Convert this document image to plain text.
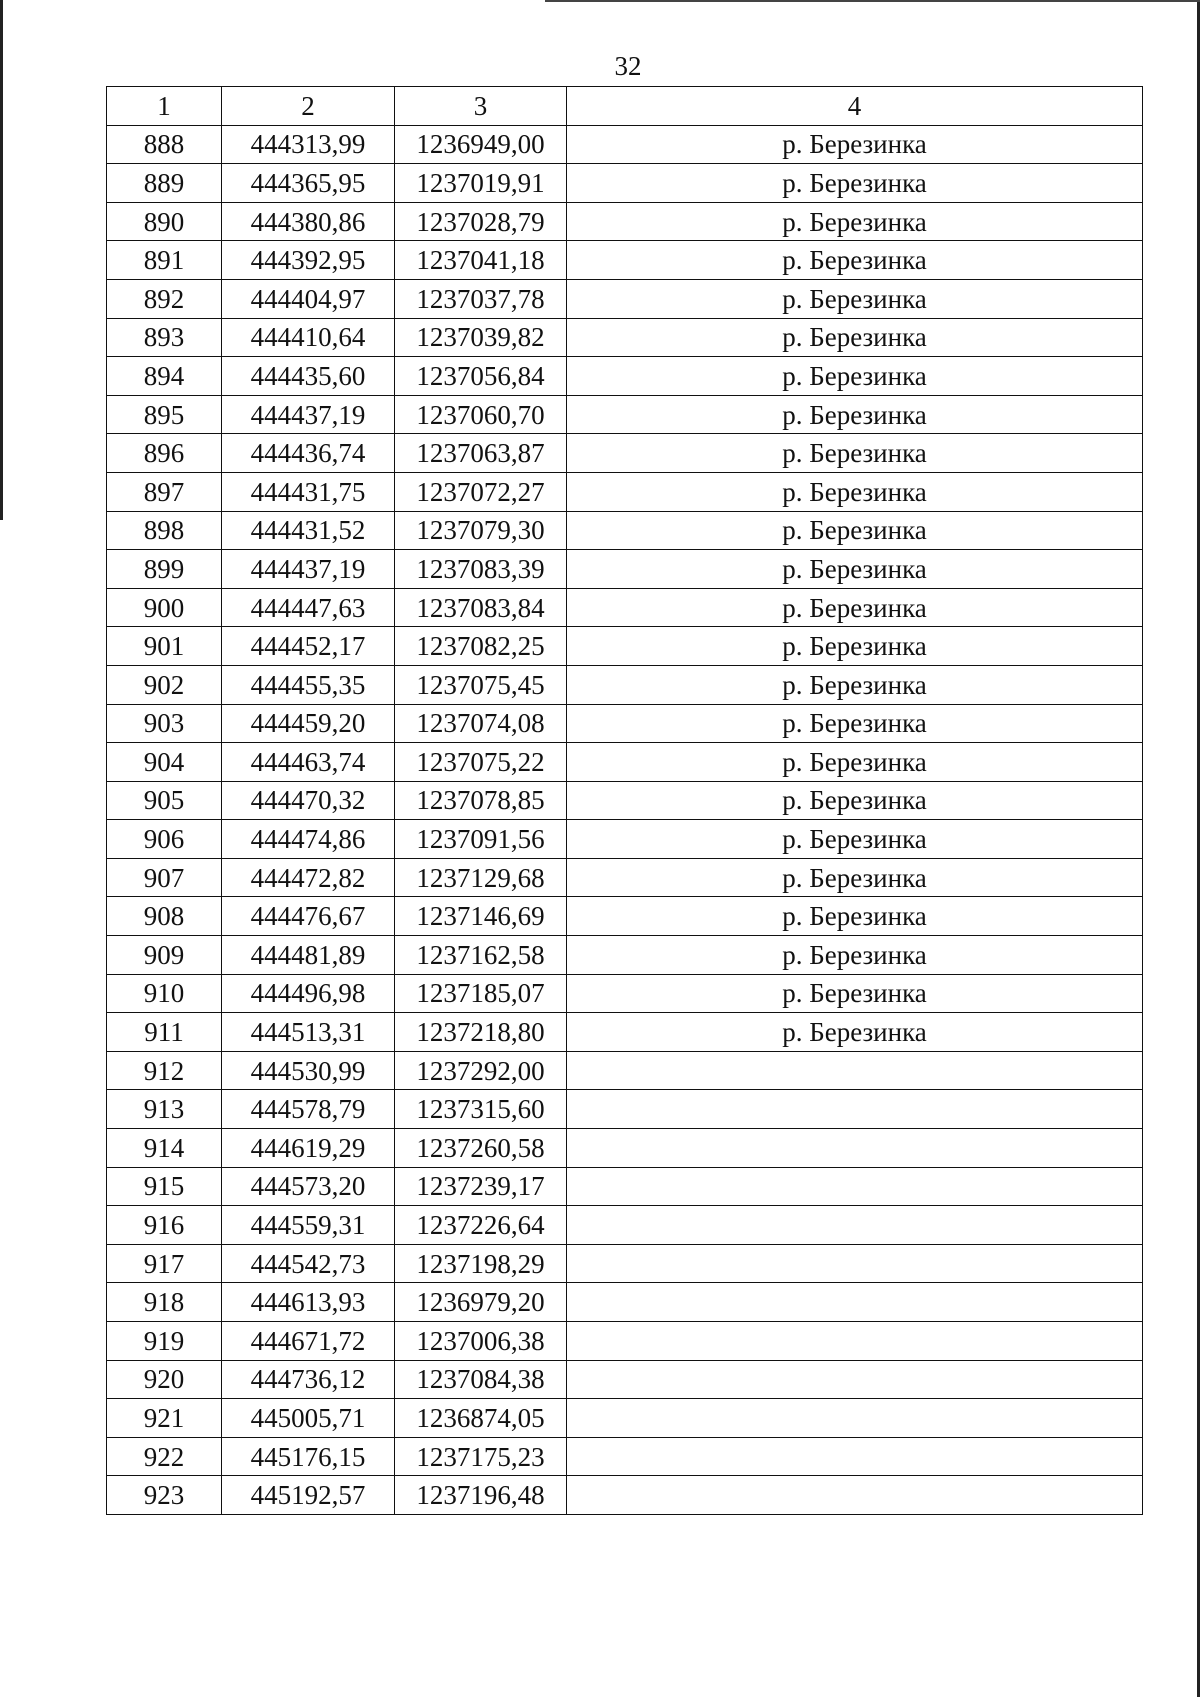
32
1	2	3	4
888	444313,99	1236949,00	р. Березинка
889	444365,95	1237019,91	р. Березинка
890	444380,86	1237028,79	р. Березинка
891	444392,95	1237041,18	р. Березинка
892	444404,97	1237037,78	р. Березинка
893	444410,64	1237039,82	р. Березинка
894	444435,60	1237056,84	р. Березинка
895	444437,19	1237060,70	р. Березинка
896	444436,74	1237063,87	р. Березинка
897	444431,75	1237072,27	р. Березинка
898	444431,52	1237079,30	р. Березинка
899	444437,19	1237083,39	р. Березинка
900	444447,63	1237083,84	р. Березинка
901	444452,17	1237082,25	р. Березинка
902	444455,35	1237075,45	р. Березинка
903	444459,20	1237074,08	р. Березинка
904	444463,74	1237075,22	р. Березинка
905	444470,32	1237078,85	р. Березинка
906	444474,86	1237091,56	р. Березинка
907	444472,82	1237129,68	р. Березинка
908	444476,67	1237146,69	р. Березинка
909	444481,89	1237162,58	р. Березинка
910	444496,98	1237185,07	р. Березинка
911	444513,31	1237218,80	р. Березинка
912	444530,99	1237292,00	
913	444578,79	1237315,60	
914	444619,29	1237260,58	
915	444573,20	1237239,17	
916	444559,31	1237226,64	
917	444542,73	1237198,29	
918	444613,93	1236979,20	
919	444671,72	1237006,38	
920	444736,12	1237084,38	
921	445005,71	1236874,05	
922	445176,15	1237175,23	
923	445192,57	1237196,48	
